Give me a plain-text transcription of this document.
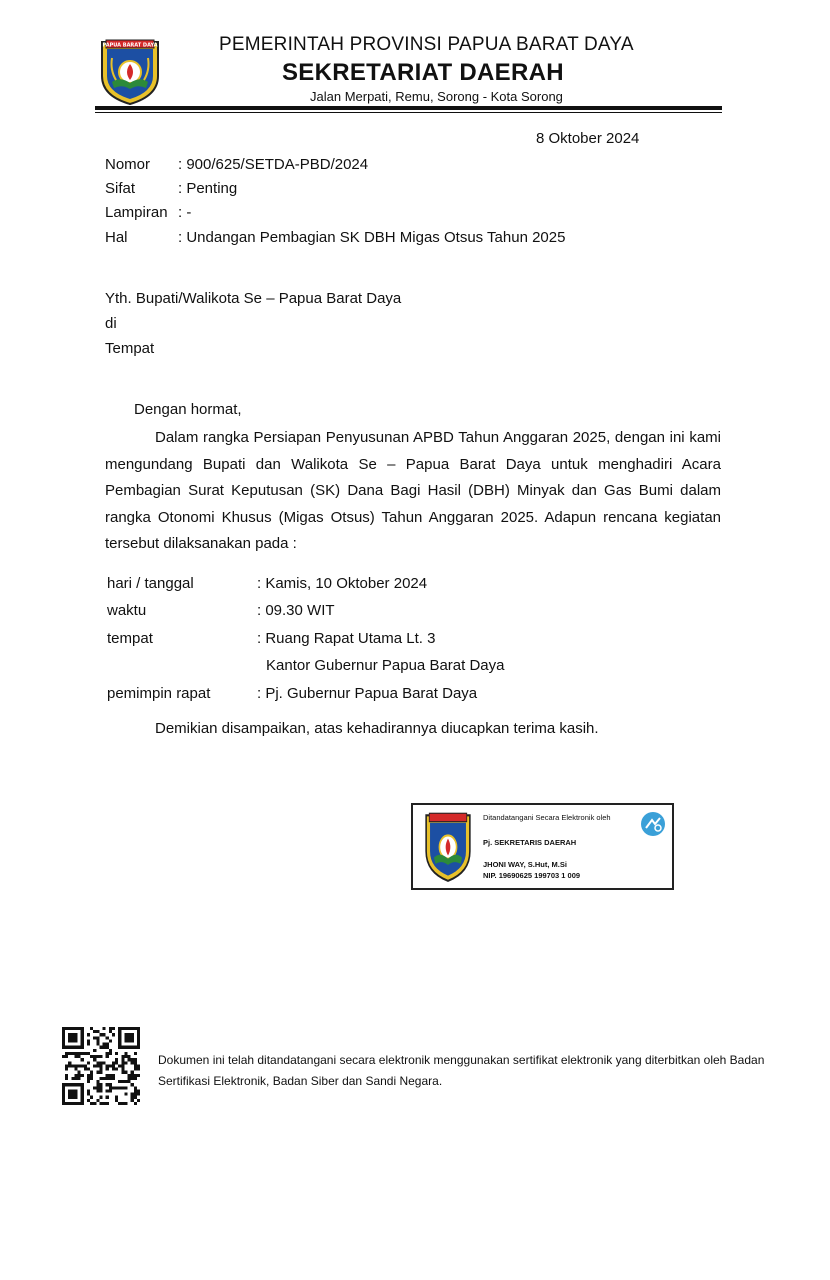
PAPUA BARAT DAYA	PEMERINTAH PROVINSI PAPUA BARAT DAYA
SEKRETARIAT DAERAH
Jalan Merpati, Remu, Sorong - Kota Sorong
8 Oktober 2024
Nomor : 900/625/SETDA-PBD/2024
Sifat	: Penting
Lampiran : -
Hal	: Undangan Pembagian SK DBH Migas Otsus Tahun 2025
Yth. Bupati/Walikota Se – Papua Barat Daya
di
Tempat
Dengan hormat,
Dalam rangka Persiapan Penyusunan APBD Tahun Anggaran 2025, dengan ini kami mengundang Bupati dan Walikota Se – Papua Barat Daya untuk menghadiri Acara Pembagian Surat Keputusan (SK) Dana Bagi Hasil (DBH) Minyak dan Gas Bumi dalam rangka Otonomi Khusus (Migas Otsus) Tahun Anggaran 2025. Adapun rencana kegiatan tersebut dilaksanakan pada :
hari / tanggal	: Kamis, 10 Oktober 2024
waktu	: 09.30 WIT
tempat	: Ruang Rapat Utama Lt. 3
Kantor Gubernur Papua Barat Daya
pemimpin rapat	: Pj. Gubernur Papua Barat Daya
Demikian disampaikan, atas kehadirannya diucapkan terima kasih.
Ditandatangani Secara Elektronik oleh
Pj. SEKRETARIS DAERAH
JHONI WAY, S.Hut, M.Si
NIP. 19690625 199703 1 009
Dokumen ini telah ditandatangani secara elektronik menggunakan sertifikat elektronik yang diterbitkan oleh Badan Sertifikasi Elektronik, Badan Siber dan Sandi Negara.
